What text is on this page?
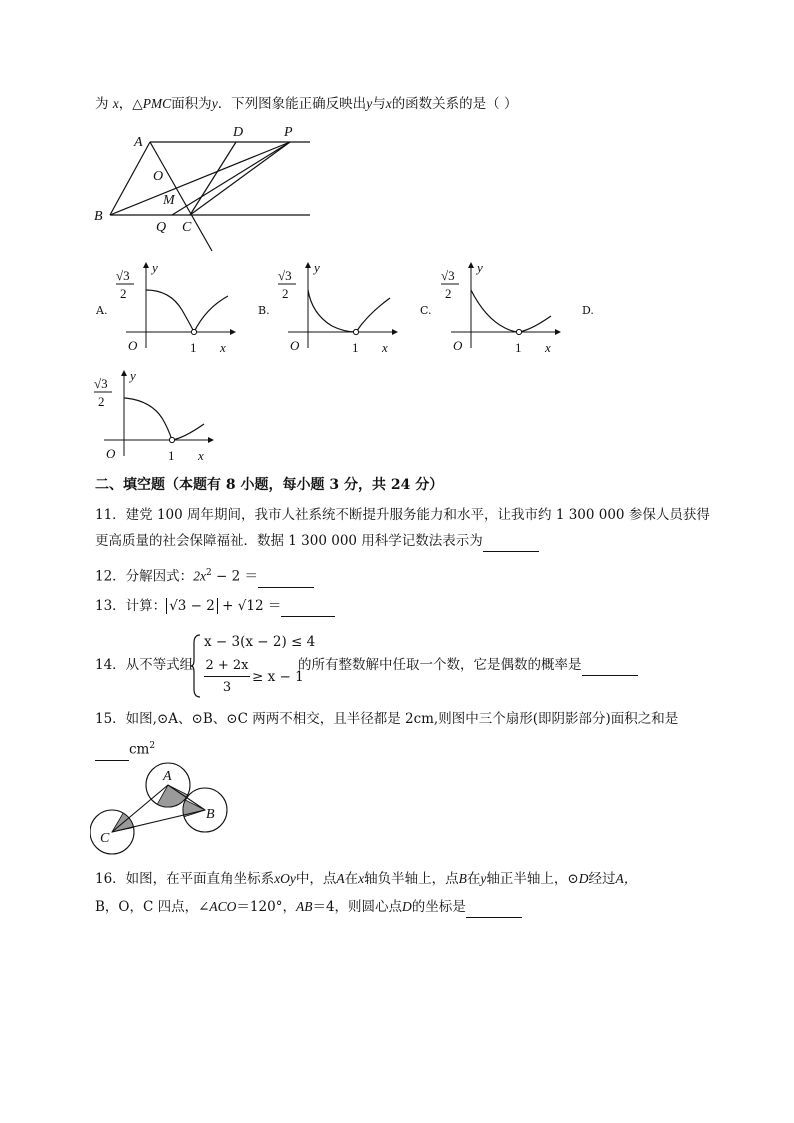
为 x，△PMC面积为y．下列图象能正确反映出y与x的函数关系的是（ ）
A
D	P
O
M
B
Q C
A.
√3
2
y
O	1 x
B.
√3
2
y
O	1 x
C.
√3
2
y
O	1 x
D.
√3
2
y
O	1 x
二、填空题（本题有 8 小题，每小题 3 分，共 24 分）
11．建党 100 周年期间，我市人社系统不断提升服务能力和水平，让我市约 1 300 000 参保人员获得
更高质量的社会保障福祉．数据 1 300 000 用科学记数法表示为
12．分解因式：$2x^2 - 2$ ＝
13．计算： √3 − 2 + √12 ＝
14．从不等式组
x − 3(x − 2) ≤ 4
2 + 2x
3
≥ x − 1
的所有整数解中任取一个数，它是偶数的概率是
15．如图,⊙A、⊙B、⊙C 两两不相交，且半径都是 2cm,则图中三个扇形(即阴影部分)面积之和是
$cm^2$
A
B
C
16．如图，在平面直角坐标系xOy中，点A在x轴负半轴上，点B在y轴正半轴上，⊙D经过A，
B，O，C 四点，∠ACO＝120°，AB＝4，则圆心点D的坐标是
